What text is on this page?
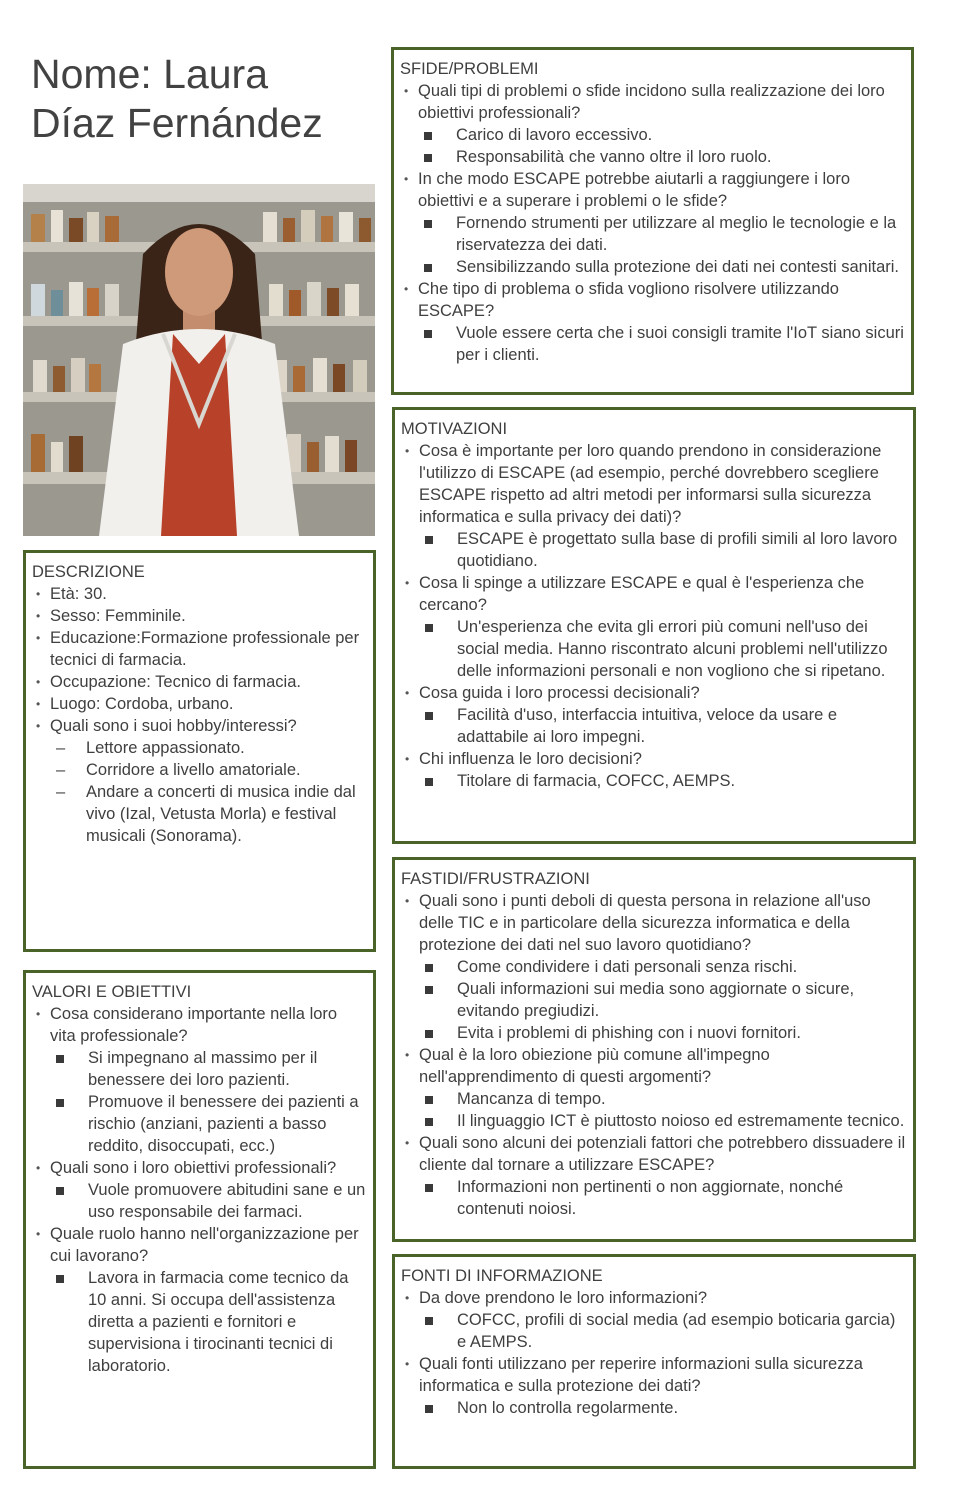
Nome: Laura
Díaz Fernández
DESCRIZIONE
• Età: 30.
• Sesso: Femminile.
• Educazione:Formazione professionale per tecnici di farmacia.
• Occupazione: Tecnico di farmacia.
• Luogo: Cordoba, urbano.
• Quali sono i suoi hobby/interessi?
– Lettore appassionato.
– Corridore a livello amatoriale.
– Andare a concerti di musica indie dal vivo (Izal, Vetusta Morla) e festival musicali (Sonorama).
VALORI E OBIETTIVI
• Cosa considerano importante nella loro vita professionale?
Si impegnano al massimo per il benessere dei loro pazienti.
Promuove il benessere dei pazienti a rischio (anziani, pazienti a basso reddito, disoccupati, ecc.)
• Quali sono i loro obiettivi professionali?
Vuole promuovere abitudini sane e un uso responsabile dei farmaci.
• Quale ruolo hanno nell'organizzazione per cui lavorano?
Lavora in farmacia come tecnico da 10 anni. Si occupa dell'assistenza diretta a pazienti e fornitori e supervisiona i tirocinanti tecnici di laboratorio.
SFIDE/PROBLEMI
• Quali tipi di problemi o sfide incidono sulla realizzazione dei loro obiettivi professionali?
Carico di lavoro eccessivo.
Responsabilità che vanno oltre il loro ruolo.
• In che modo ESCAPE potrebbe aiutarli a raggiungere i loro obiettivi e a superare i problemi o le sfide?
Fornendo strumenti per utilizzare al meglio le tecnologie e la riservatezza dei dati.
Sensibilizzando sulla protezione dei dati nei contesti sanitari.
• Che tipo di problema o sfida vogliono risolvere utilizzando ESCAPE?
Vuole essere certa che i suoi consigli tramite l'IoT siano sicuri per i clienti.
MOTIVAZIONI
• Cosa è importante per loro quando prendono in considerazione l'utilizzo di ESCAPE (ad esempio, perché dovrebbero scegliere ESCAPE rispetto ad altri metodi per informarsi sulla sicurezza informatica e sulla privacy dei dati)?
ESCAPE è progettato sulla base di profili simili al loro lavoro quotidiano.
• Cosa li spinge a utilizzare ESCAPE e qual è l'esperienza che cercano?
Un'esperienza che evita gli errori più comuni nell'uso dei social media. Hanno riscontrato alcuni problemi nell'utilizzo delle informazioni personali e non vogliono che si ripetano.
• Cosa guida i loro processi decisionali?
Facilità d'uso, interfaccia intuitiva, veloce da usare e adattabile ai loro impegni.
• Chi influenza le loro decisioni?
Titolare di farmacia, COFCC, AEMPS.
FASTIDI/FRUSTRAZIONI
• Quali sono i punti deboli di questa persona in relazione all'uso delle TIC e in particolare della sicurezza informatica e della protezione dei dati nel suo lavoro quotidiano?
Come condividere i dati personali senza rischi.
Quali informazioni sui media sono aggiornate o sicure, evitando pregiudizi.
Evita i problemi di phishing con i nuovi fornitori.
• Qual è la loro obiezione più comune all'impegno nell'apprendimento di questi argomenti?
Mancanza di tempo.
Il linguaggio ICT è piuttosto noioso ed estremamente tecnico.
• Quali sono alcuni dei potenziali fattori che potrebbero dissuadere il cliente dal tornare a utilizzare ESCAPE?
Informazioni non pertinenti o non aggiornate, nonché contenuti noiosi.
FONTI DI INFORMAZIONE
• Da dove prendono le loro informazioni?
COFCC, profili di social media (ad esempio boticaria garcia) e AEMPS.
• Quali fonti utilizzano per reperire informazioni sulla sicurezza informatica e sulla protezione dei dati?
Non lo controlla regolarmente.
